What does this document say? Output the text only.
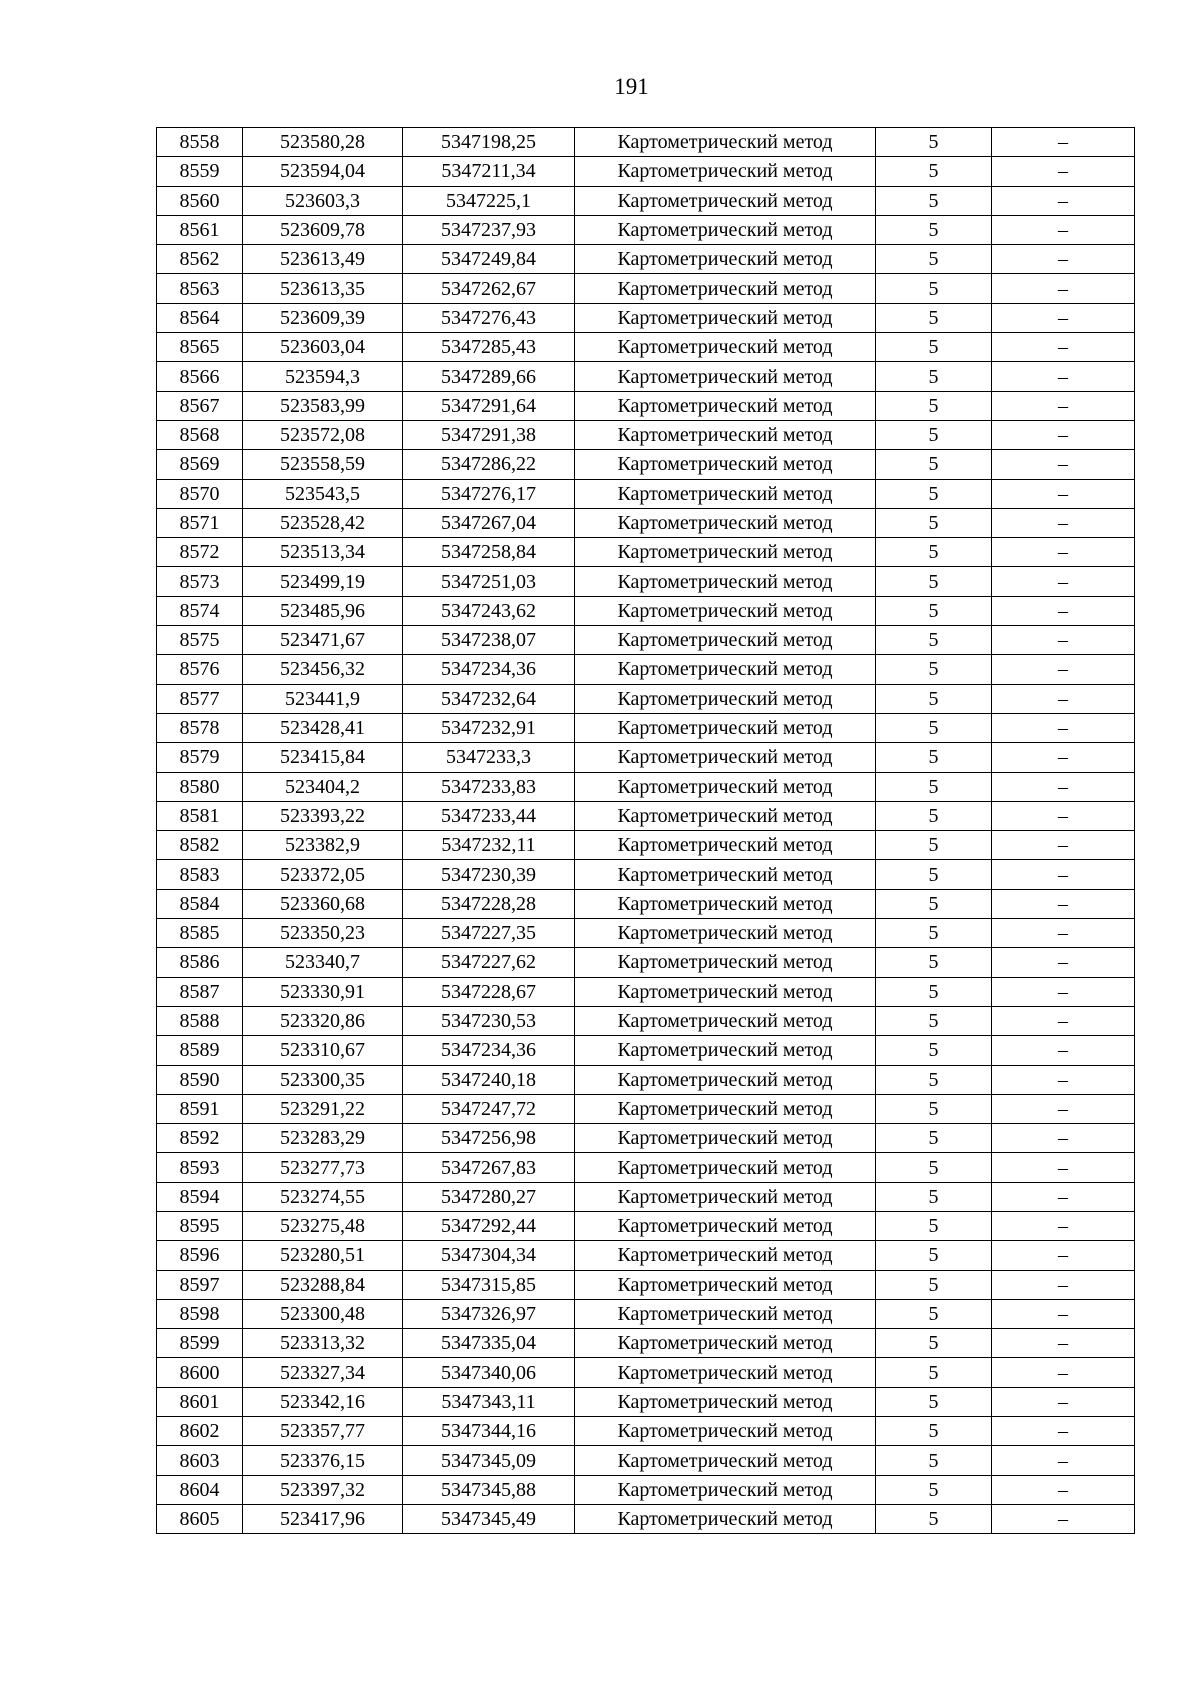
191
8558	523580,28	5347198,25	Картометрический метод	5	–
8559	523594,04	5347211,34	Картометрический метод	5	–
8560	523603,3	5347225,1	Картометрический метод	5	–
8561	523609,78	5347237,93	Картометрический метод	5	–
8562	523613,49	5347249,84	Картометрический метод	5	–
8563	523613,35	5347262,67	Картометрический метод	5	–
8564	523609,39	5347276,43	Картометрический метод	5	–
8565	523603,04	5347285,43	Картометрический метод	5	–
8566	523594,3	5347289,66	Картометрический метод	5	–
8567	523583,99	5347291,64	Картометрический метод	5	–
8568	523572,08	5347291,38	Картометрический метод	5	–
8569	523558,59	5347286,22	Картометрический метод	5	–
8570	523543,5	5347276,17	Картометрический метод	5	–
8571	523528,42	5347267,04	Картометрический метод	5	–
8572	523513,34	5347258,84	Картометрический метод	5	–
8573	523499,19	5347251,03	Картометрический метод	5	–
8574	523485,96	5347243,62	Картометрический метод	5	–
8575	523471,67	5347238,07	Картометрический метод	5	–
8576	523456,32	5347234,36	Картометрический метод	5	–
8577	523441,9	5347232,64	Картометрический метод	5	–
8578	523428,41	5347232,91	Картометрический метод	5	–
8579	523415,84	5347233,3	Картометрический метод	5	–
8580	523404,2	5347233,83	Картометрический метод	5	–
8581	523393,22	5347233,44	Картометрический метод	5	–
8582	523382,9	5347232,11	Картометрический метод	5	–
8583	523372,05	5347230,39	Картометрический метод	5	–
8584	523360,68	5347228,28	Картометрический метод	5	–
8585	523350,23	5347227,35	Картометрический метод	5	–
8586	523340,7	5347227,62	Картометрический метод	5	–
8587	523330,91	5347228,67	Картометрический метод	5	–
8588	523320,86	5347230,53	Картометрический метод	5	–
8589	523310,67	5347234,36	Картометрический метод	5	–
8590	523300,35	5347240,18	Картометрический метод	5	–
8591	523291,22	5347247,72	Картометрический метод	5	–
8592	523283,29	5347256,98	Картометрический метод	5	–
8593	523277,73	5347267,83	Картометрический метод	5	–
8594	523274,55	5347280,27	Картометрический метод	5	–
8595	523275,48	5347292,44	Картометрический метод	5	–
8596	523280,51	5347304,34	Картометрический метод	5	–
8597	523288,84	5347315,85	Картометрический метод	5	–
8598	523300,48	5347326,97	Картометрический метод	5	–
8599	523313,32	5347335,04	Картометрический метод	5	–
8600	523327,34	5347340,06	Картометрический метод	5	–
8601	523342,16	5347343,11	Картометрический метод	5	–
8602	523357,77	5347344,16	Картометрический метод	5	–
8603	523376,15	5347345,09	Картометрический метод	5	–
8604	523397,32	5347345,88	Картометрический метод	5	–
8605	523417,96	5347345,49	Картометрический метод	5	–
